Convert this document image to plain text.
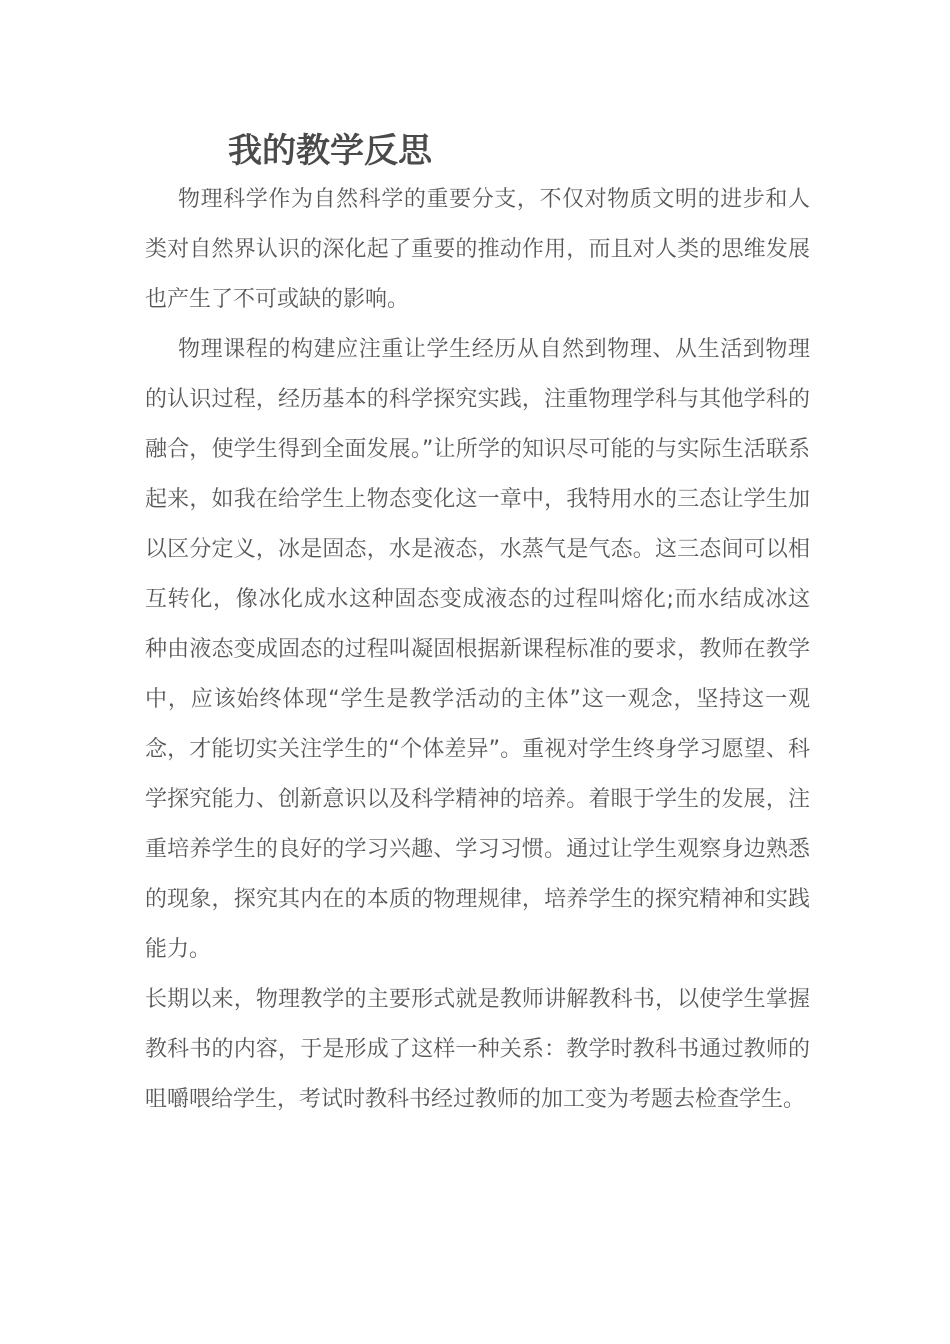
我的教学反思

物理科学作为自然科学的重要分支，不仅对物质文明的进步和人类对自然界认识的深化起了重要的推动作用，而且对人类的思维发展也产生了不可或缺的影响。

物理课程的构建应注重让学生经历从自然到物理、从生活到物理的认识过程，经历基本的科学探究实践，注重物理学科与其他学科的融合，使学生得到全面发展。”让所学的知识尽可能的与实际生活联系起来，如我在给学生上物态变化这一章中，我特用水的三态让学生加以区分定义，冰是固态，水是液态，水蒸气是气态。这三态间可以相互转化，像冰化成水这种固态变成液态的过程叫熔化;而水结成冰这种由液态变成固态的过程叫凝固根据新课程标准的要求，教师在教学中，应该始终体现“学生是教学活动的主体”这一观念，坚持这一观念，才能切实关注学生的“个体差异”。重视对学生终身学习愿望、科学探究能力、创新意识以及科学精神的培养。着眼于学生的发展，注重培养学生的良好的学习兴趣、学习习惯。通过让学生观察身边熟悉的现象，探究其内在的本质的物理规律，培养学生的探究精神和实践能力。

长期以来，物理教学的主要形式就是教师讲解教科书，以使学生掌握教科书的内容，于是形成了这样一种关系：教学时教科书通过教师的咀嚼喂给学生，考试时教科书经过教师的加工变为考题去检查学生。
